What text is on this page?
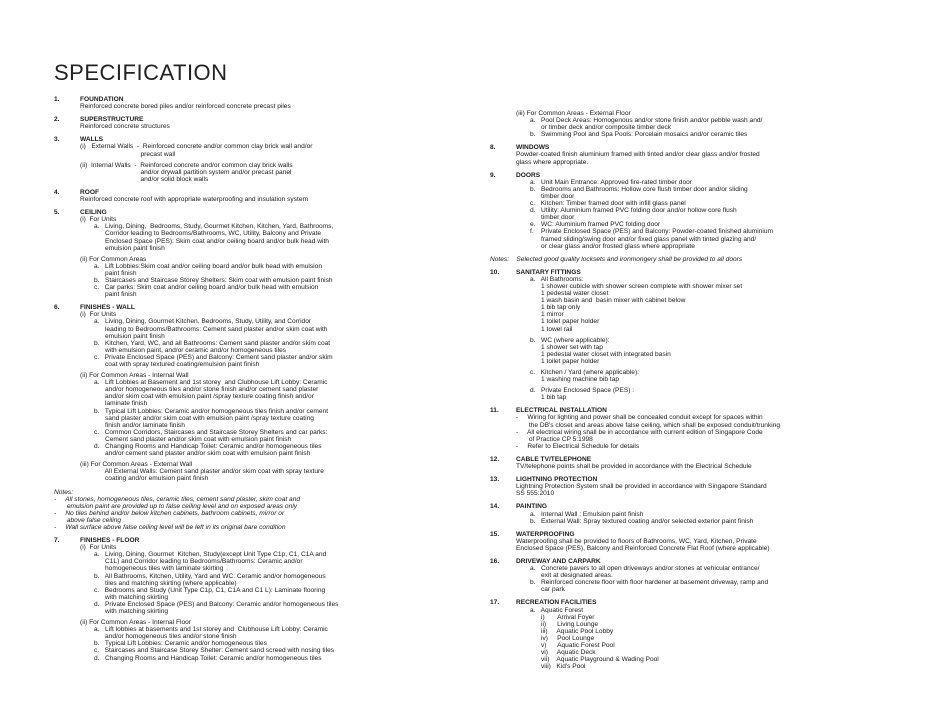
SPECIFICATION
1.	FOUNDATION
Reinforced concrete bored piles and/or reinforced concrete precast piles
2.	SUPERSTRUCTURE
Reinforced concrete structures
3.	WALLS
(i)   External Walls  -  Reinforced concrete and/or common clay brick wall and/or
precast wall

(ii)  Internal Walls  -  Reinforced concrete and/or common clay brick walls
and/or drywall partition system and/or precast panel
and/or solid block walls
4.	ROOF
Reinforced concrete roof with appropriate waterproofing and insulation system
5.	CEILING
(i)  For Units
a.   Living, Dining,  Bedrooms, Study, Gourmet Kitchen, Kitchen, Yard, Bathrooms,
Corridor leading to Bedrooms/Bathrooms, WC, Utility, Balcony and Private
Enclosed Space (PES): Skim coat and/or ceiling board and/or bulk head with
emulsion paint finish

(ii) For Common Areas
a.   Lift Lobbies:Skim coat and/or ceiling board and/or bulk head with emulsion
paint finish
b.   Staircases and Staircase Storey Shelters: Skim coat with emulsion paint finish
c.   Car parks: Skim coat and/or ceiling board and/or bulk head with emulsion
paint finish
6.	FINISHES - WALL
(i)  For Units
a.   Living, Dining, Gourmet Kitchen, Bedrooms, Study, Utility, and Corridor
leading to Bedrooms/Bathrooms: Cement sand plaster and/or skim coat with
emulsion paint finish
b.   Kitchen, Yard, WC, and all Bathrooms: Cement sand plaster and/or skim coat
with emulsion paint, and/or ceramic and/or homogeneous tiles
c.   Private Enclosed Space (PES) and Balcony: Cement sand plaster and/or skim
coat with spray textured coating/emulsion paint finish

(ii) For Common Areas - Internal Wall
a.   Lift Lobbies at Basement and 1st storey  and Clubhouse Lift Lobby: Ceramic
and/or homogeneous tiles and/or stone finish and/or cement sand plaster
and/or skim coat with emulsion paint /spray texture coating finish and/or
laminate finish
b.   Typical Lift Lobbies: Ceramic and/or homogeneous tiles finish and/or cement
sand plaster and/or skim coat with emulsion paint /spray texture coating
finish and/or laminate finish
c.   Common Corridors, Staircases and Staircase Storey Shelters and car parks:
Cement sand plaster and/or skim coat with emulsion paint finish
d.   Changing Rooms and Handicap Toilet: Ceramic and/or homogeneous tiles
and/or cement sand plaster and/or skim coat with emulsion paint finish

(iii) For Common Areas - External Wall
All External Walls: Cement sand plaster and/or skim coat with spray texture
coating and/or emulsion paint finish
Notes:
-     All stones, homogeneous tiles, ceramic tiles, cement sand plaster, skim coat and
emulsion paint are provided up to false ceiling level and on exposed areas only
-     No tiles behind and/or below kitchen cabinets, bathroom cabinets, mirror or
above false ceiling
-     Wall surface above false ceiling level will be left in its original bare condition
7.	FINISHES - FLOOR
(i)  For Units
a.   Living, Dining, Gourmet  Kitchen, Study(except Unit Type C1p, C1, C1A and
C1L) and Corridor leading to Bedrooms/Bathrooms: Ceramic and/or
homogeneous tiles with laminate skirting
b.   All Bathrooms, Kitchen, Utility, Yard and WC: Ceramic and/or homogeneous
tiles and matching skirting (where applicable)
c.   Bedrooms and Study (Unit Type C1p, C1, C1A and C1 L): Laminate flooring
with matching skirting
d.   Private Enclosed Space (PES) and Balcony: Ceramic and/or homogeneous tiles
with matching skirting

(ii) For Common Areas - Internal Floor
a.   Lift lobbies at basements and 1st storey and  Clubhouse Lift Lobby: Ceramic
and/or homogeneous tiles and/or stone finish
b.   Typical Lift Lobbies: Ceramic and/or homogeneous tiles
c.   Staircases and Staircase Storey Shelter: Cement sand screed with nosing tiles
d.   Changing Rooms and Handicap Toilet: Ceramic and/or homogeneous tiles
(iii) For Common Areas - External Floor
a.   Pool Deck Areas: Homogenous and/or stone finish and/or pebble wash and/
or timber deck and/or composite timber deck
b.   Swimming Pool and Spa Pools: Porcelain mosaics and/or ceramic tiles
8.	WINDOWS
Powder-coated finish aluminium framed with tinted and/or clear glass and/or frosted
glass where appropriate.
9.	DOORS
a.   Unit Main Entrance: Approved fire-rated timber door
b.   Bedrooms and Bathrooms: Hollow core flush timber door and/or sliding
timber door
c.   Kitchen: Timber framed door with infill glass panel
d.   Utility: Aluminium framed PVC folding door and/or hollow core flush
timber door
e.   WC: Aluminium framed PVC folding door
f.    Private Enclosed Space (PES) and Balcony: Powder-coated finished aluminium
framed sliding/swing door and/or fixed glass panel with tinted glazing and/
or clear glass and/or frosted glass where appropriate
Notes:    Selected good quality locksets and ironmongery shall be provided to all doors
10.	SANITARY FITTINGS
a.   All Bathrooms:
1 shower cubicle with shower screen complete with shower mixer set
1 pedestal water closet
1 wash basin and  basin mixer with cabinet below
1 bib tap only
1 mirror
1 toilet paper holder
1 towel rail

b.   WC (where applicable):
1 shower set with tap
1 pedestal water closet with integrated basin
1 toilet paper holder

c.   Kitchen / Yard (where applicable):
1 washing machine bib tap

d.   Private Enclosed Space (PES) :
1 bib tap
11.	ELECTRICAL INSTALLATION
-     Wiring for lighting and power shall be concealed conduit except for spaces within
the DB's closet and areas above false ceiling, which shall be exposed conduit/trunking
-     All electrical wiring shall be in accordance with current edition of Singapore Code
of Practice CP 5:1998
-     Refer to Electrical Schedule for details
12.	CABLE TV/TELEPHONE
TV/telephone points shall be provided in accordance with the Electrical Schedule
13.	LIGHTNING PROTECTION
Lightning Protection System shall be provided in accordance with Singapore Standard
SS 555:2010
14.	PAINTING
a.   Internal Wall : Emulsion paint finish
b.   External Wall: Spray textured coating and/or selected exterior paint finish
15.	WATERPROOFING
Waterproofing shall be provided to floors of Bathrooms, WC, Yard, Kitchen, Private
Enclosed Space (PES), Balcony and Reinforced Concrete Flat Roof (where applicable)
16.	DRIVEWAY AND CARPARK
a.   Concrete pavers to all open driveways and/or stones at vehicular entrance/
exit at designated areas.
b.   Reinforced concrete floor with floor hardener at basement driveway, ramp and
car park
17.	RECREATION FACILITIES
a.   Aquatic Forest
i)       Arrival Foyer
ii)      Living Lounge
iii)     Aquatic Pool Lobby
iv)     Pool Lounge
v)      Aquatic Forest Pool
vi)     Aquatic Deck
vii)    Aquatic Playground & Wading Pool
viii)   Kid's Pool
